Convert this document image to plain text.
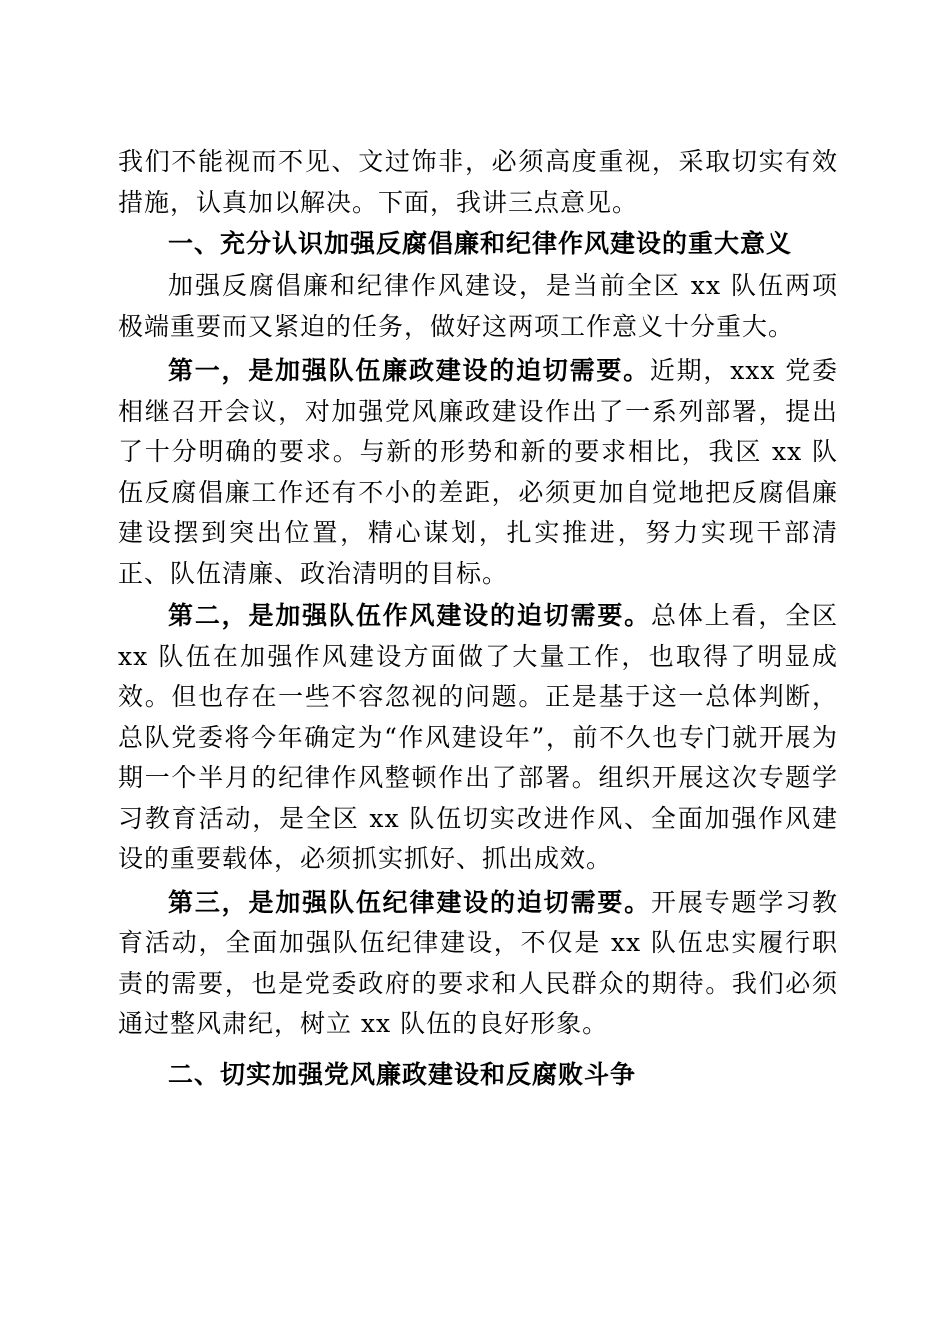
我们不能视而不见、文过饰非，必须高度重视，采取切实有效措施，认真加以解决。下面，我讲三点意见。

一、充分认识加强反腐倡廉和纪律作风建设的重大意义

加强反腐倡廉和纪律作风建设，是当前全区 xx 队伍两项极端重要而又紧迫的任务，做好这两项工作意义十分重大。

第一，是加强队伍廉政建设的迫切需要。近期，xxx 党委相继召开会议，对加强党风廉政建设作出了一系列部署，提出了十分明确的要求。与新的形势和新的要求相比，我区 xx 队伍反腐倡廉工作还有不小的差距，必须更加自觉地把反腐倡廉建设摆到突出位置，精心谋划，扎实推进，努力实现干部清正、队伍清廉、政治清明的目标。

第二，是加强队伍作风建设的迫切需要。总体上看，全区 xx 队伍在加强作风建设方面做了大量工作，也取得了明显成效。但也存在一些不容忽视的问题。正是基于这一总体判断，总队党委将今年确定为“作风建设年”，前不久也专门就开展为期一个半月的纪律作风整顿作出了部署。组织开展这次专题学习教育活动，是全区 xx 队伍切实改进作风、全面加强作风建设的重要载体，必须抓实抓好、抓出成效。

第三，是加强队伍纪律建设的迫切需要。开展专题学习教育活动，全面加强队伍纪律建设，不仅是 xx 队伍忠实履行职责的需要，也是党委政府的要求和人民群众的期待。我们必须通过整风肃纪，树立 xx 队伍的良好形象。

二、切实加强党风廉政建设和反腐败斗争
